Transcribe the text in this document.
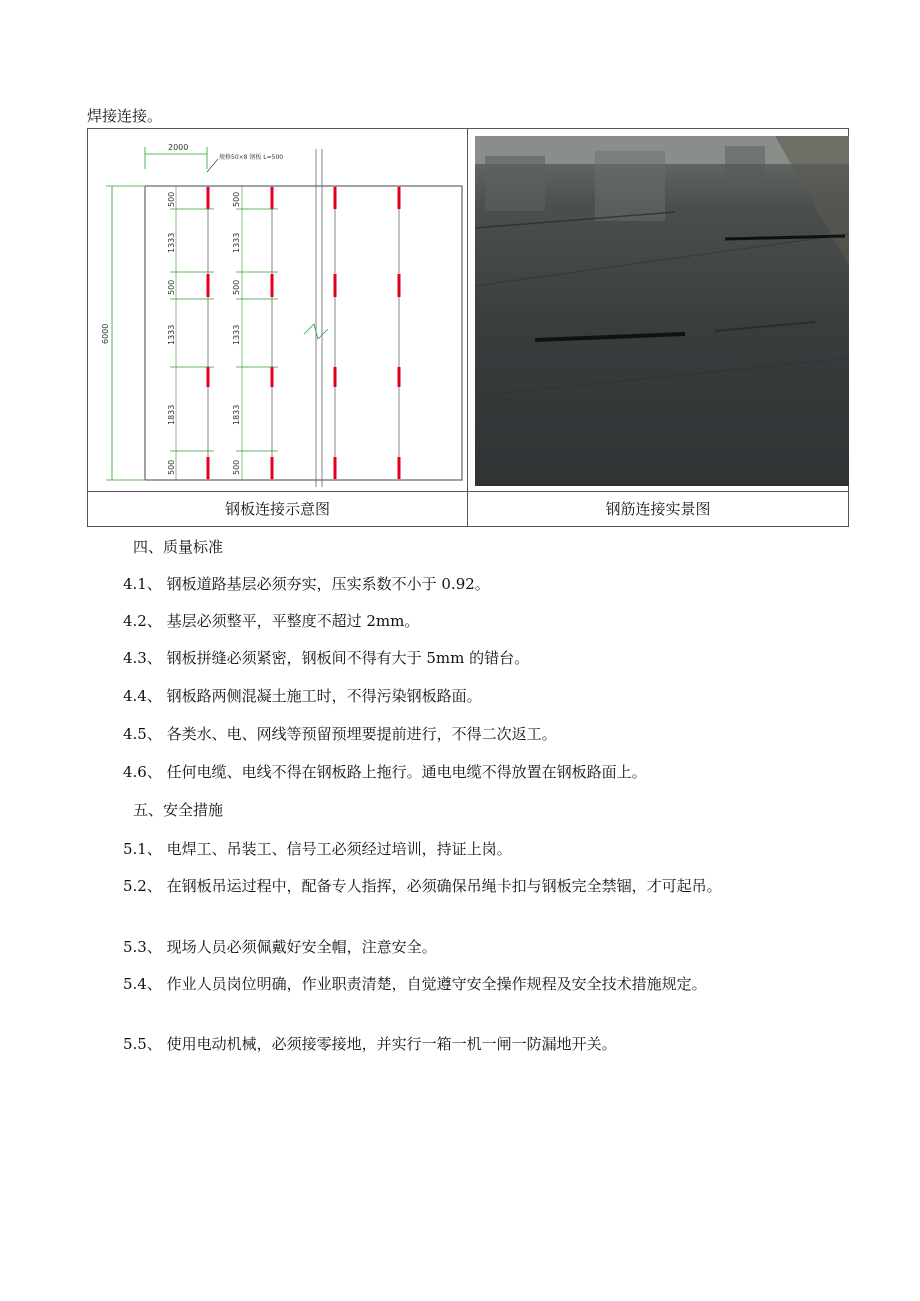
焊接连接。
2000
规格50×8 钢板 L=500
6000
500
1333
500
1333
1833
500
500
1333
500
1333
1833
500
钢板连接示意图	钢筋连接实景图
四、质量标准
4.1、 钢板道路基层必须夯实，压实系数不小于 0.92。
4.2、 基层必须整平，平整度不超过 2mm。
4.3、 钢板拼缝必须紧密，钢板间不得有大于 5mm 的错台。
4.4、 钢板路两侧混凝土施工时，不得污染钢板路面。
4.5、 各类水、电、网线等预留预埋要提前进行，不得二次返工。
4.6、 任何电缆、电线不得在钢板路上拖行。通电电缆不得放置在钢板路面上。
五、安全措施
5.1、 电焊工、吊装工、信号工必须经过培训，持证上岗。
5.2、 在钢板吊运过程中，配备专人指挥，必须确保吊绳卡扣与钢板完全禁锢，才可起吊。
5.3、 现场人员必须佩戴好安全帽，注意安全。
5.4、 作业人员岗位明确，作业职责清楚，自觉遵守安全操作规程及安全技术措施规定。
5.5、 使用电动机械，必须接零接地，并实行一箱一机一闸一防漏地开关。
